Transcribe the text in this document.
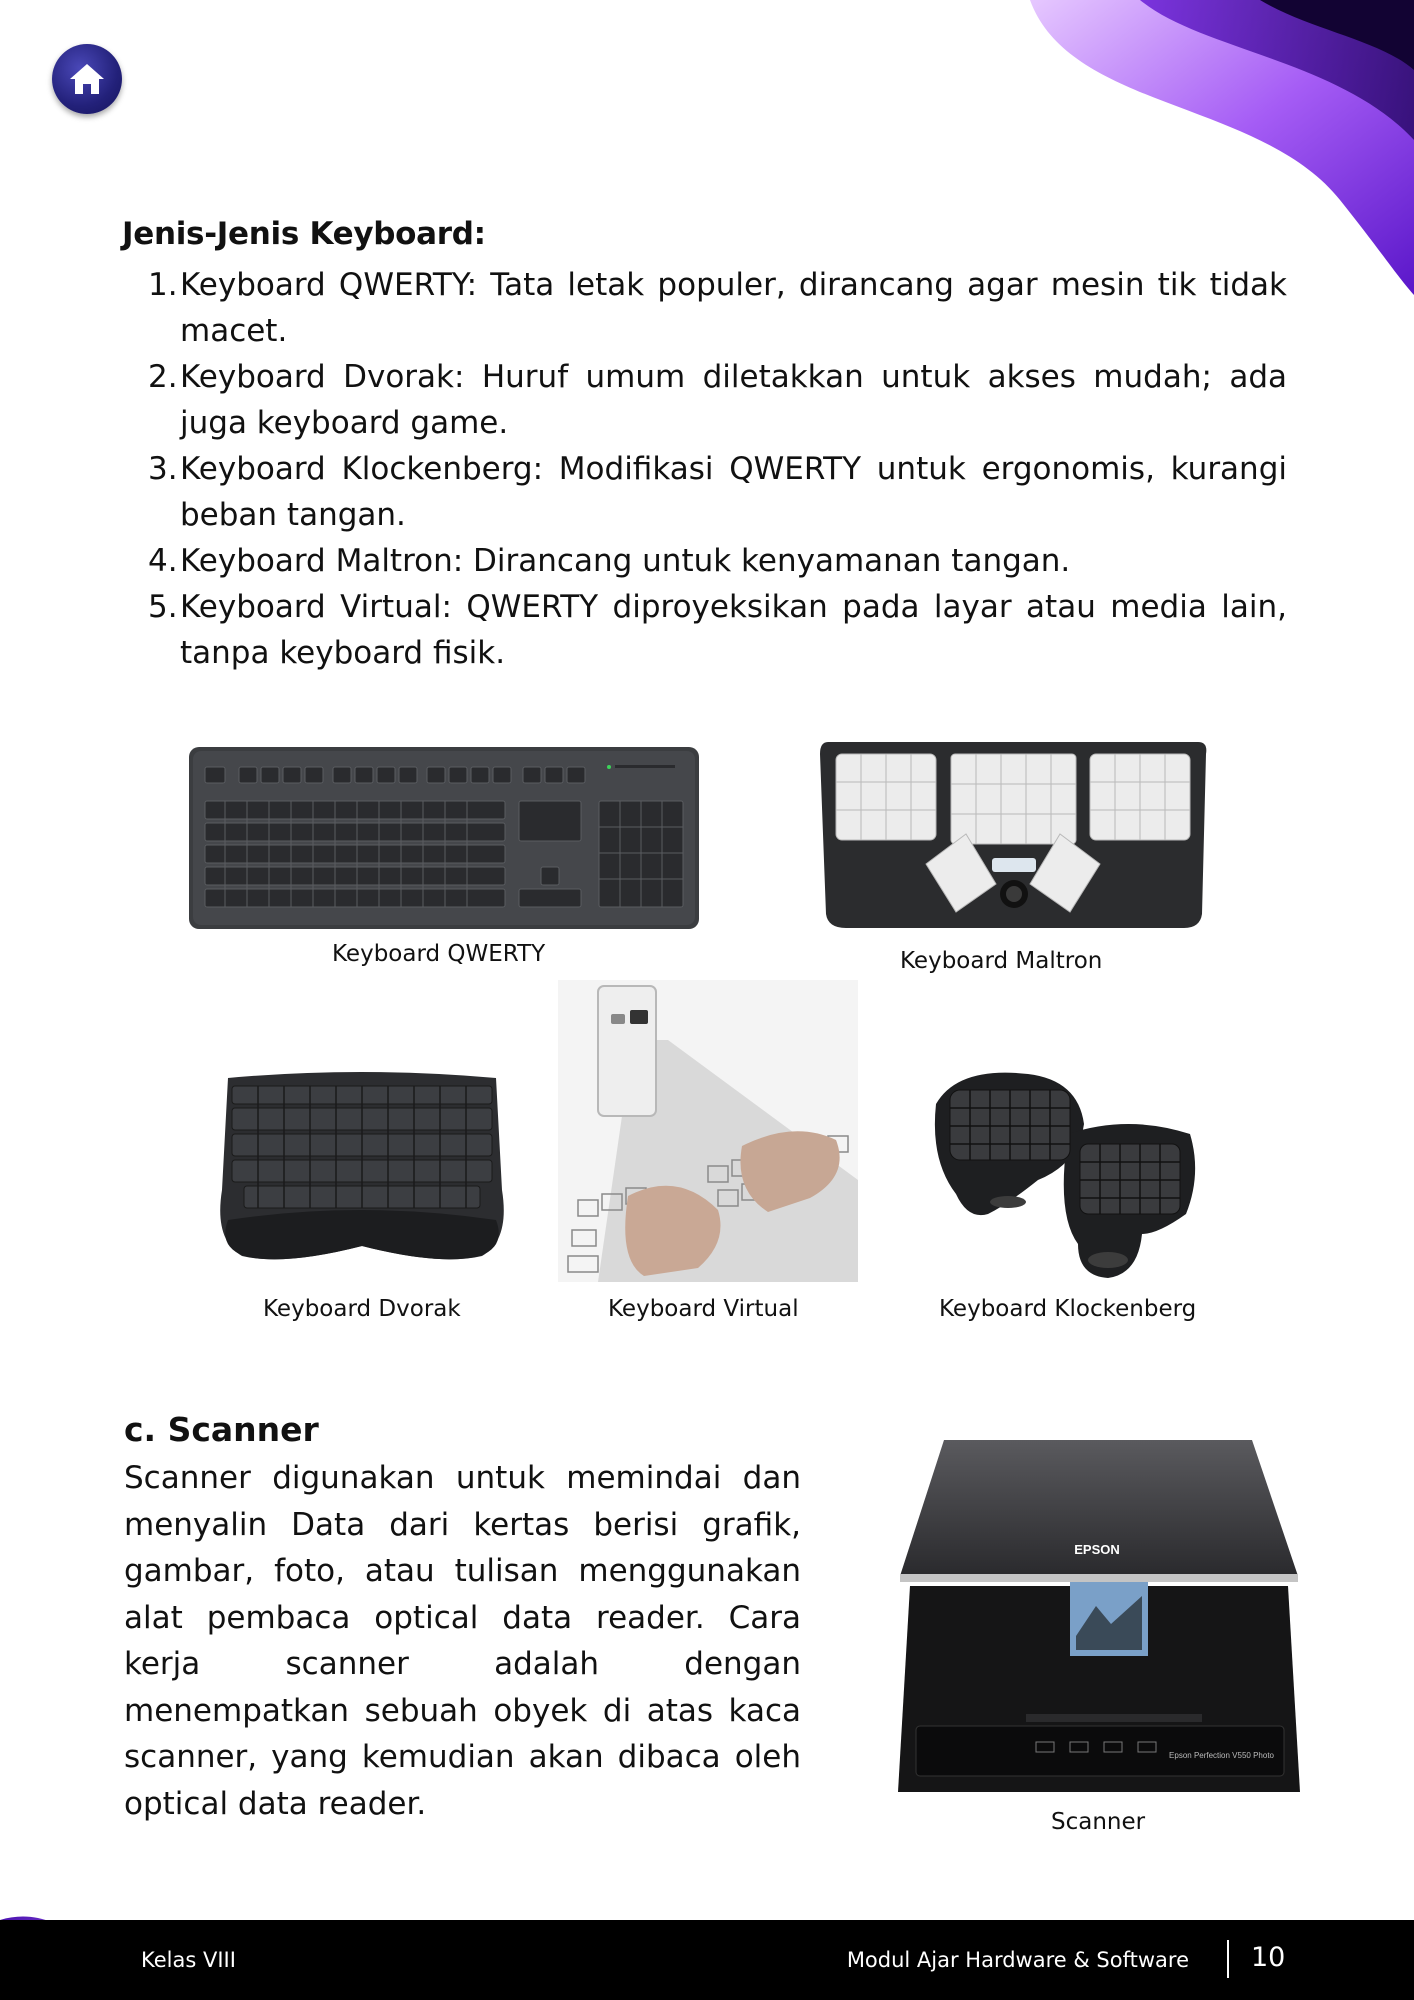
Jenis-Jenis Keyboard:
1. Keyboard QWERTY: Tata letak populer, dirancang agar mesin tik tidak macet.
2. Keyboard Dvorak: Huruf umum diletakkan untuk akses mudah; ada juga keyboard game.
3. Keyboard Klockenberg: Modifikasi QWERTY untuk ergonomis, kurangi beban tangan.
4. Keyboard Maltron: Dirancang untuk kenyamanan tangan.
5. Keyboard Virtual: QWERTY diproyeksikan pada layar atau media lain, tanpa keyboard fisik.
Keyboard QWERTY	Keyboard Maltron
Keyboard Dvorak	Keyboard Virtual	Keyboard Klockenberg
c. Scanner

Scanner digunakan untuk memindai dan menyalin Data dari kertas berisi grafik, gambar, foto, atau tulisan menggunakan alat pembaca optical data reader. Cara kerja scanner adalah dengan menempatkan sebuah obyek di atas kaca scanner, yang kemudian akan dibaca oleh optical data reader.

EPSON
Epson Perfection V550 Photo
Scanner
Kelas VIII	Modul Ajar Hardware & Software 10
